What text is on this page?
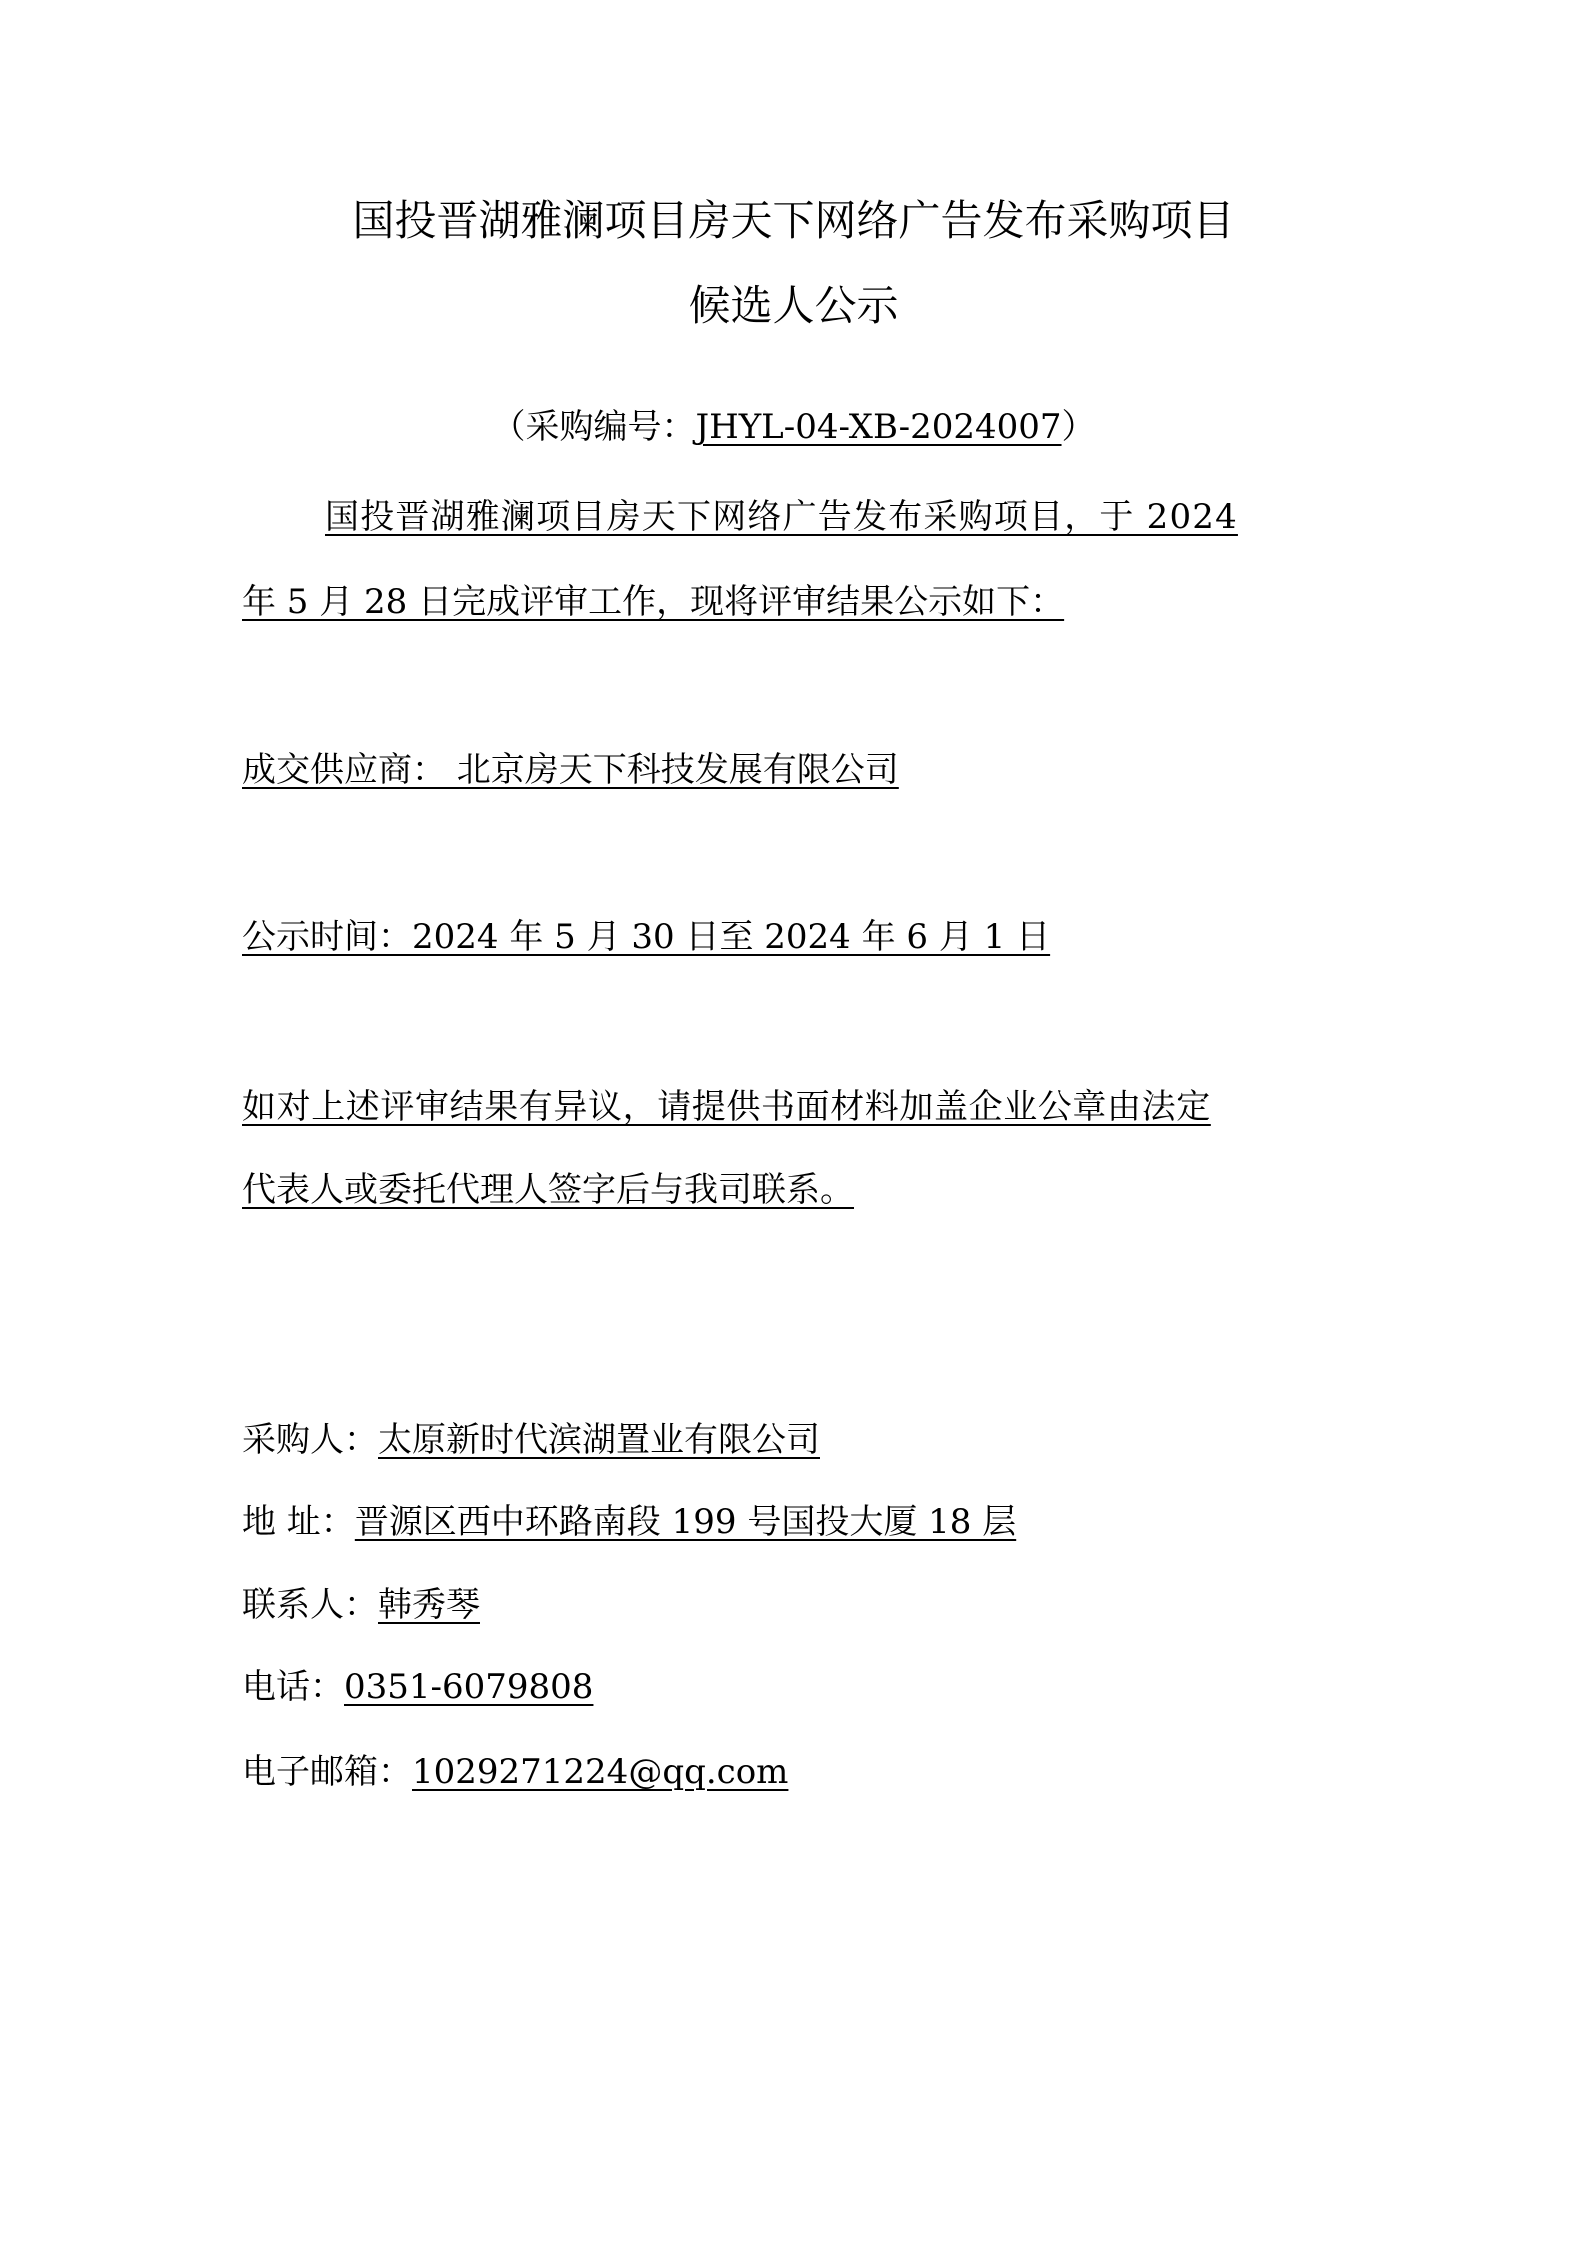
国投晋湖雅澜项目房天下网络广告发布采购项目
候选人公示
（采购编号：JHYL-04-XB-2024007）
国投晋湖雅澜项目房天下网络广告发布采购项目，于 2024
年 5 月 28 日完成评审工作，现将评审结果公示如下：
成交供应商： 北京房天下科技发展有限公司
公示时间：2024 年 5 月 30 日至 2024 年 6 月 1 日
如对上述评审结果有异议，请提供书面材料加盖企业公章由法定
代表人或委托代理人签字后与我司联系。
采购人：太原新时代滨湖置业有限公司
地 址：晋源区西中环路南段 199 号国投大厦 18 层
联系人：韩秀琴
电话：0351-6079808
电子邮箱：1029271224@qq.com
